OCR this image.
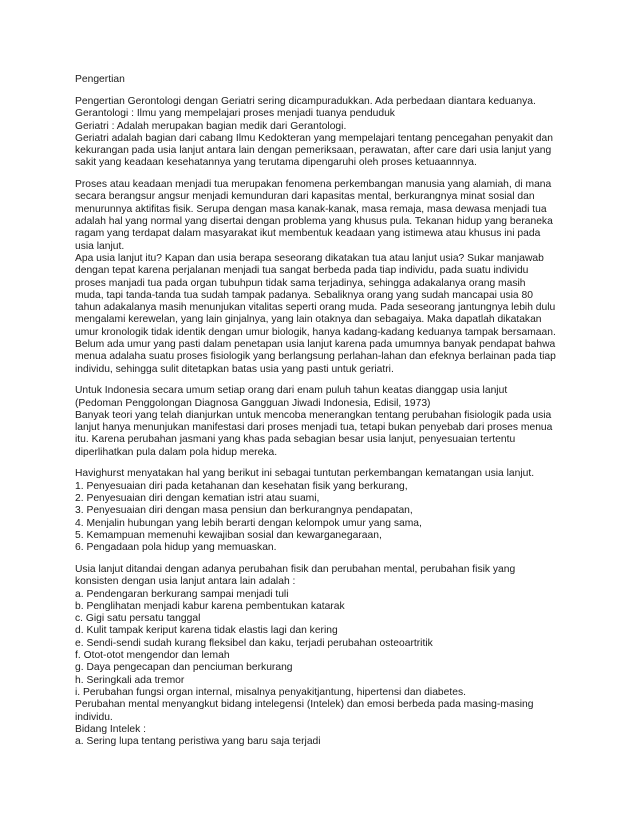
Pengertian
Pengertian Gerontologi dengan Geriatri sering dicampuradukkan. Ada perbedaan diantara keduanya.
Gerantologi : Ilmu yang mempelajari proses menjadi tuanya penduduk
Geriatri : Adalah merupakan bagian medik dari Gerantologi.
Geriatri adalah bagian dari cabang Ilmu Kedokteran yang mempelajari tentang pencegahan penyakit dan
kekurangan pada usia lanjut antara lain dengan pemeriksaan, perawatan, after care dari usia lanjut yang
sakit yang keadaan kesehatannya yang terutama dipengaruhi oleh proses ketuaannnya.
Proses atau keadaan menjadi tua merupakan fenomena perkembangan manusia yang alamiah, di mana
secara berangsur angsur menjadi kemunduran dari kapasitas mental, berkurangnya minat sosial dan
menurunnya aktifitas fisik. Serupa dengan masa kanak-kanak, masa remaja, masa dewasa menjadi tua
adalah hal yang normal yang disertai dengan problema yang khusus pula. Tekanan hidup yang beraneka
ragam yang terdapat dalam masyarakat ikut membentuk keadaan yang istimewa atau khusus ini pada
usia lanjut.
Apa usia lanjut itu? Kapan dan usia berapa seseorang dikatakan tua atau lanjut usia? Sukar manjawab
dengan tepat karena perjalanan menjadi tua sangat berbeda pada tiap individu, pada suatu individu
proses manjadi tua pada organ tubuhpun tidak sama terjadinya, sehingga adakalanya orang masih
muda, tapi tanda-tanda tua sudah tampak padanya. Sebaliknya orang yang sudah mancapai usia 80
tahun adakalanya masih menunjukan vitalitas seperti orang muda. Pada seseorang jantungnya lebih dulu
mengalami kerewelan, yang lain ginjalnya, yang lain otaknya dan sebagaiya. Maka dapatlah dikatakan
umur kronologik tidak identik dengan umur biologik, hanya kadang-kadang keduanya tampak bersamaan.
Belum ada umur yang pasti dalam penetapan usia lanjut karena pada umumnya banyak pendapat bahwa
menua adalaha suatu proses fisiologik yang berlangsung perlahan-lahan dan efeknya berlainan pada tiap
individu, sehingga sulit ditetapkan batas usia yang pasti untuk geriatri.
Untuk Indonesia secara umum setiap orang dari enam puluh tahun keatas dianggap usia lanjut
(Pedoman Penggolongan Diagnosa Gangguan Jiwadi Indonesia, Edisil, 1973)
Banyak teori yang telah dianjurkan untuk mencoba menerangkan tentang perubahan fisiologik pada usia
lanjut hanya menunjukan manifestasi dari proses menjadi tua, tetapi bukan penyebab dari proses menua
itu. Karena perubahan jasmani yang khas pada sebagian besar usia lanjut, penyesuaian tertentu
diperlihatkan pula dalam pola hidup mereka.
Havighurst menyatakan hal yang berikut ini sebagai tuntutan perkembangan kematangan usia lanjut.
1. Penyesuaian diri pada ketahanan dan kesehatan fisik yang berkurang,
2. Penyesuaian diri dengan kematian istri atau suami,
3. Penyesuaian diri dengan masa pensiun dan berkurangnya pendapatan,
4. Menjalin hubungan yang lebih berarti dengan kelompok umur yang sama,
5. Kemampuan memenuhi kewajiban sosial dan kewarganegaraan,
6. Pengadaan pola hidup yang memuaskan.
Usia lanjut ditandai dengan adanya perubahan fisik dan perubahan mental, perubahan fisik yang
konsisten dengan usia lanjut antara lain adalah :
a. Pendengaran berkurang sampai menjadi tuli
b. Penglihatan menjadi kabur karena pembentukan katarak
c. Gigi satu persatu tanggal
d. Kulit tampak keriput karena tidak elastis lagi dan kering
e. Sendi-sendi sudah kurang fleksibel dan kaku, terjadi perubahan osteoartritik
f. Otot-otot mengendor dan lemah
g. Daya pengecapan dan penciuman berkurang
h. Seringkali ada tremor
i. Perubahan fungsi organ internal, misalnya penyakitjantung, hipertensi dan diabetes.
Perubahan mental menyangkut bidang intelegensi (Intelek) dan emosi berbeda pada masing-masing
individu.
Bidang Intelek :
a. Sering lupa tentang peristiwa yang baru saja terjadi
